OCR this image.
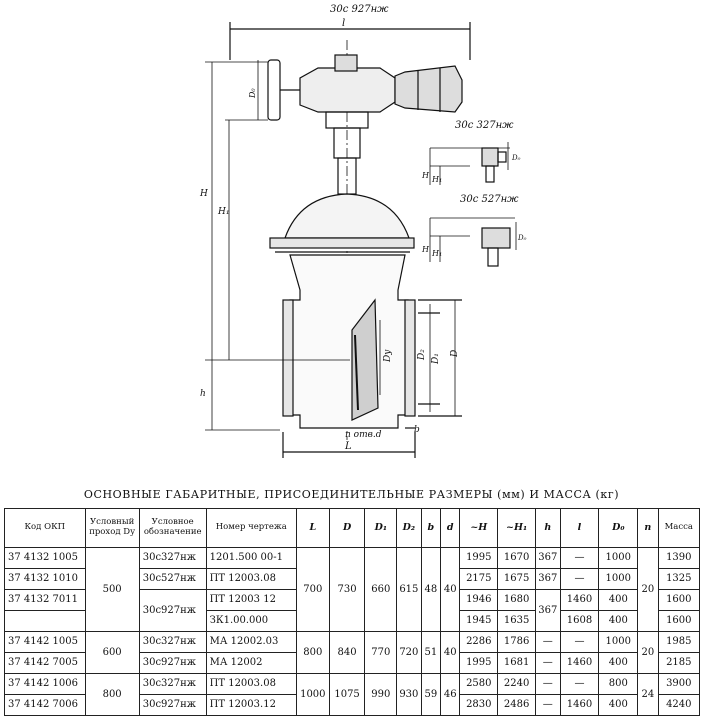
30с 927нж
l
30с 327нж
30с 527нж
D₀
H
H₁
h
Dy	D₂ D₁ D
b
n отв.d
L
H H₁
D₀
H H₁
D₀
ОСНОВНЫЕ ГАБАРИТНЫЕ, ПРИСОЕДИНИТЕЛЬНЫЕ РАЗМЕРЫ (мм) И МАССА (кг)
Код ОКП	Условный проход Dу	Условное обозначение	Номер чертежа	L	D	D₁	D₂	b	d	~H	~H₁	h	l	D₀	n	Масса
37 4132 1005	500	30с327нж	1201.500 00-1	700	730	660	615	48	40	1995	1670	367	—	1000	20	1390
37 4132 1010		30с527нж	ПТ 12003.08							2175	1675	367	—	1000		1325
37 4132 7011		30с927нж	ПТ 12003 12							1946	1680	367	1460	400		1600
			ЗК1.00.000							1945	1635		1608	400		1600
37 4142 1005	600	30с327нж	МА 12002.03	800	840	770	720	51	40	2286	1786	—	—	1000	20	1985
37 4142 7005		30с927нж	МА 12002							1995	1681	—	1460	400		2185
37 4142 1006	800	30с327нж	ПТ 12003.08	1000	1075	990	930	59	46	2580	2240	—	—	800	24	3900
37 4142 7006		30с927нж	ПТ 12003.12							2830	2486	—	1460	400		4240
